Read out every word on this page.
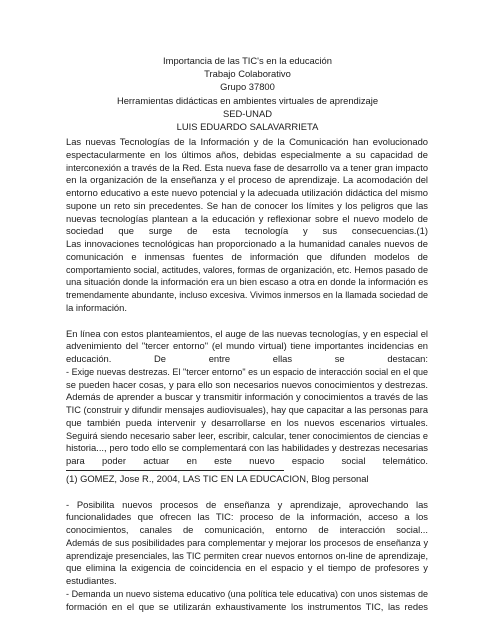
Importancia de las TIC's en la educación
Trabajo Colaborativo
Grupo 37800
Herramientas didácticas en ambientes virtuales de aprendizaje
SED-UNAD
LUIS EDUARDO SALAVARRIETA
Las nuevas Tecnologías de la Información y de la Comunicación han evolucionado
espectacularmente en los últimos años, debidas especialmente a su capacidad de
interconexión a través de la Red. Esta nueva fase de desarrollo va a tener gran impacto
en la organización de la enseñanza y el proceso de aprendizaje. La acomodación del
entorno educativo a este nuevo potencial y la adecuada utilización didáctica del mismo
supone un reto sin precedentes. Se han de conocer los límites y los peligros que las
nuevas tecnologías plantean a la educación y reflexionar sobre el nuevo modelo de
sociedad que surge de esta tecnología y sus consecuencias.(1)
Las innovaciones tecnológicas han proporcionado a la humanidad canales nuevos de
comunicación e inmensas fuentes de información que difunden modelos de
comportamiento social, actitudes, valores, formas de organización, etc. Hemos pasado de
una situación donde la información era un bien escaso a otra en donde la información es
tremendamente abundante, incluso excesiva. Vivimos inmersos en la llamada sociedad de
la información.
En línea con estos planteamientos, el auge de las nuevas tecnologías, y en especial el
advenimiento del "tercer entorno" (el mundo virtual) tiene importantes incidencias en
educación. De entre ellas se destacan:
- Exige nuevas destrezas. El "tercer entorno" es un espacio de interacción social en el que
se pueden hacer cosas, y para ello son necesarios nuevos conocimientos y destrezas.
Además de aprender a buscar y transmitir información y conocimientos a través de las
TIC (construir y difundir mensajes audiovisuales), hay que capacitar a las personas para
que también pueda intervenir y desarrollarse en los nuevos escenarios virtuales.
Seguirá siendo necesario saber leer, escribir, calcular, tener conocimientos de ciencias e
historia..., pero todo ello se complementará con las habilidades y destrezas necesarias
para poder actuar en este nuevo espacio social telemático.
(1) GOMEZ, Jose R., 2004, LAS TIC EN LA EDUCACION, Blog personal
- Posibilita nuevos procesos de enseñanza y aprendizaje, aprovechando las
funcionalidades que ofrecen las TIC: proceso de la información, acceso a los
conocimientos, canales de comunicación, entorno de interacción social...
Además de sus posibilidades para complementar y mejorar los procesos de enseñanza y
aprendizaje presenciales, las TIC permiten crear nuevos entornos on-line de aprendizaje,
que elimina la exigencia de coincidencia en el espacio y el tiempo de profesores y
estudiantes.
- Demanda un nuevo sistema educativo (una política tele educativa) con unos sistemas de
formación en el que se utilizarán exhaustivamente los instrumentos TIC, las redes
